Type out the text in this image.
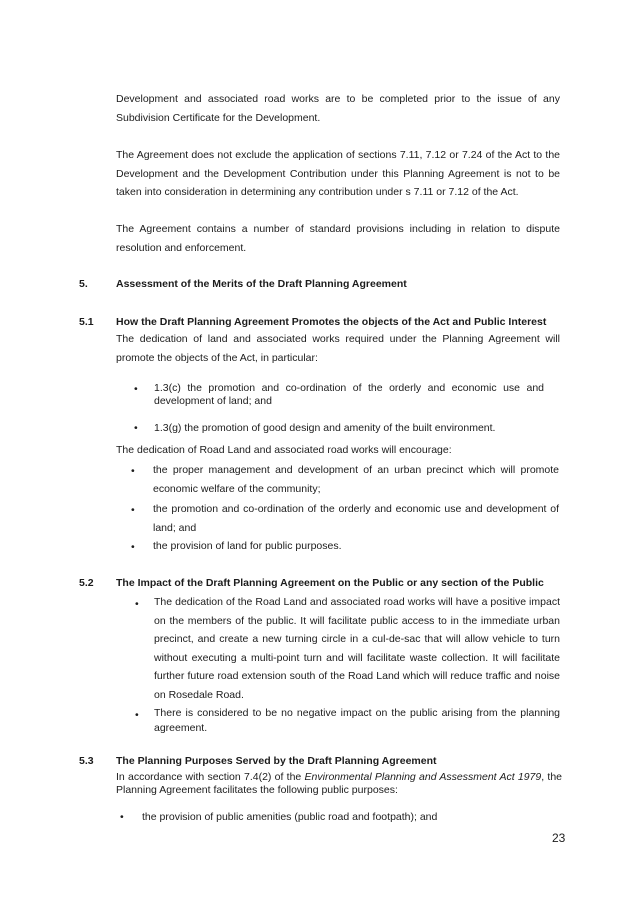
Development and associated road works are to be completed prior to the issue of any Subdivision Certificate for the Development.
The Agreement does not exclude the application of sections 7.11, 7.12 or 7.24 of the Act to the Development and the Development Contribution under this Planning Agreement is not to be taken into consideration in determining any contribution under s 7.11 or 7.12 of the Act.
The Agreement contains a number of standard provisions including in relation to dispute resolution and enforcement.
5.	Assessment of the Merits of the Draft Planning Agreement
5.1 How the Draft Planning Agreement Promotes the objects of the Act and Public Interest
The dedication of land and associated works required under the Planning Agreement will promote the objects of the Act, in particular:
• 1.3(c) the promotion and co-ordination of the orderly and economic use and development of land; and
• 1.3(g) the promotion of good design and amenity of the built environment.
The dedication of Road Land and associated road works will encourage:
• the proper management and development of an urban precinct which will promote economic welfare of the community;
• the promotion and co-ordination of the orderly and economic use and development of land; and
• the provision of land for public purposes.
5.2 The Impact of the Draft Planning Agreement on the Public or any section of the Public
• The dedication of the Road Land and associated road works will have a positive impact on the members of the public. It will facilitate public access to in the immediate urban precinct, and create a new turning circle in a cul-de-sac that will allow vehicle to turn without executing a multi-point turn and will facilitate waste collection. It will facilitate further future road extension south of the Road Land which will reduce traffic and noise on Rosedale Road.
• There is considered to be no negative impact on the public arising from the planning agreement.
5.3 The Planning Purposes Served by the Draft Planning Agreement
In accordance with section 7.4(2) of the Environmental Planning and Assessment Act 1979, the Planning Agreement facilitates the following public purposes:
• the provision of public amenities (public road and footpath); and
23
